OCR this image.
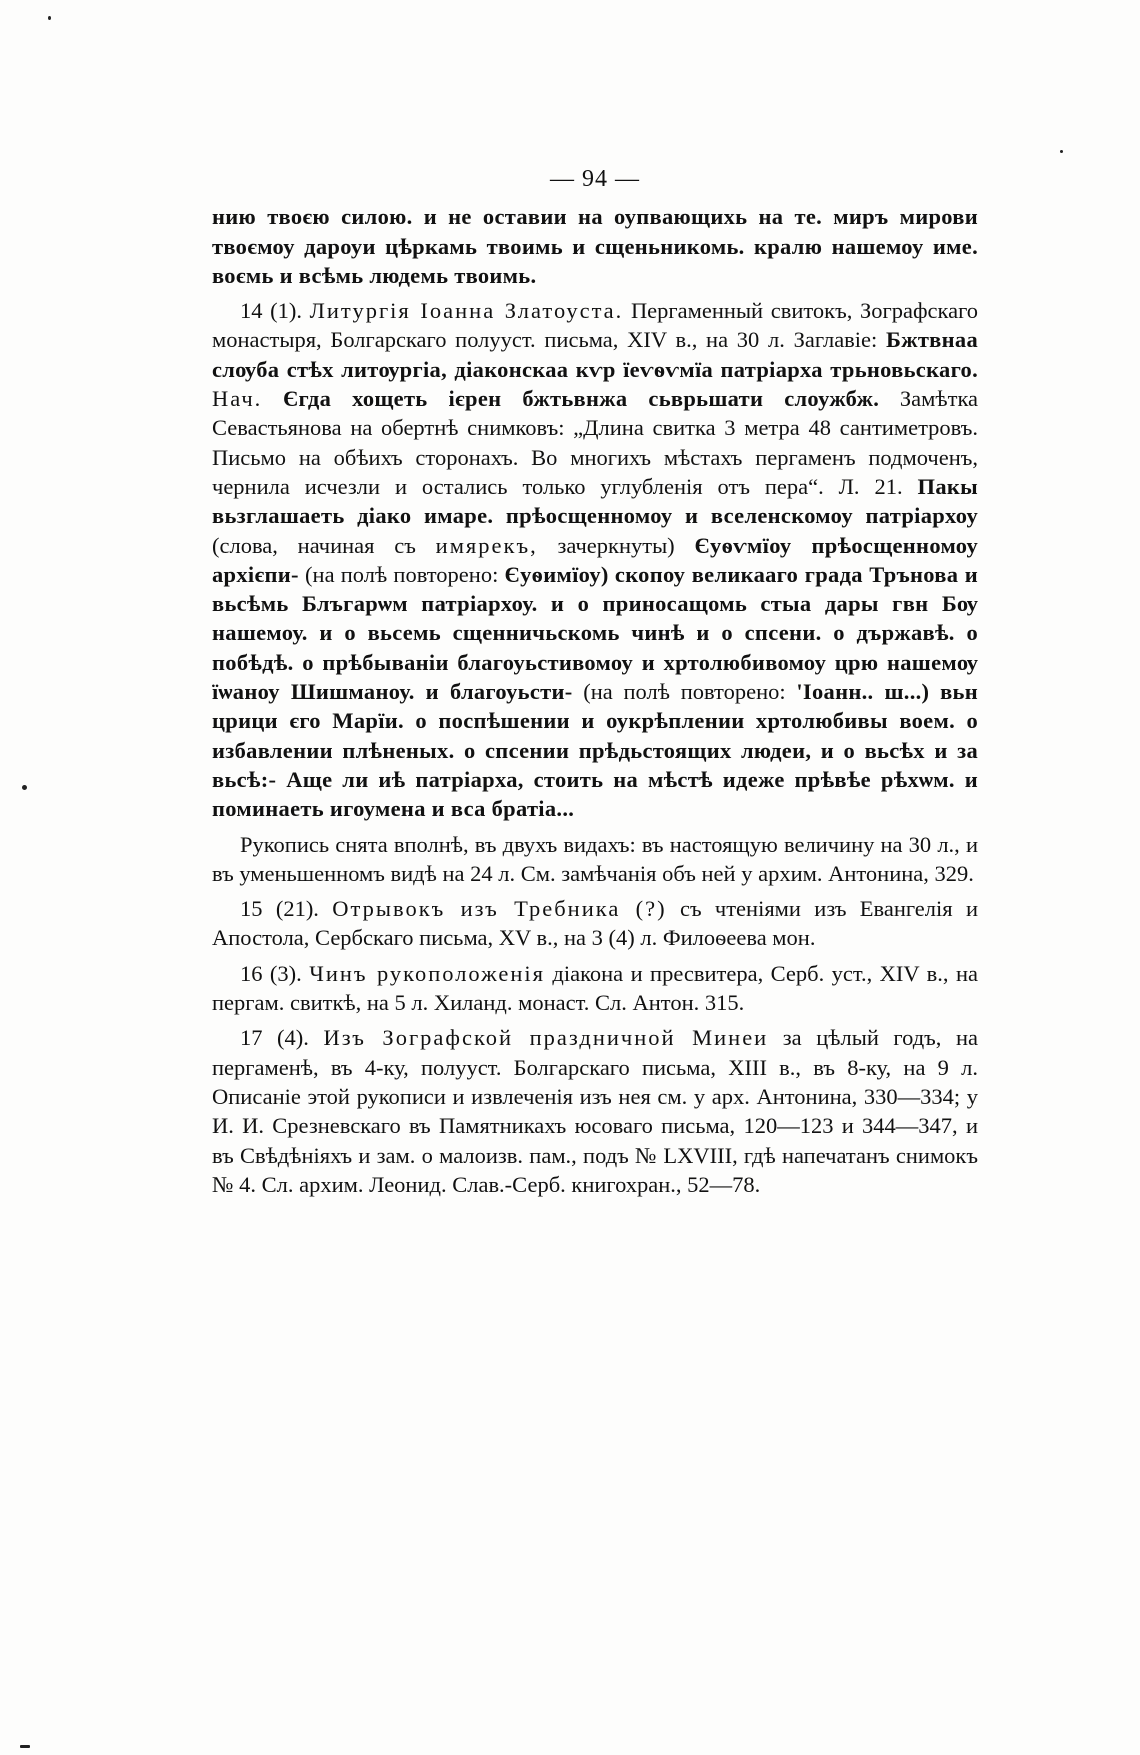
— 94 —

нию твоєю силою. и не оставии на оупвающихь на те. миръ мирови твоємоу дароуи цѣркамь твоимь и сщеньникомь. кралю нашемоу име. воємь и всѣмь людемь твоимь.

14 (1). Литургія Іоанна Златоуста. Пергаменный свитокъ, Зографскаго монастыря, Болгарскаго полууст. письма, XIV в., на 30 л. Заглавіе: Бжтвнаа слѹба стѣх литѹргіа, діаконскаа кѵр їеѵѳѵмїа патріарха трьновьскаго. Нач. Єгда хощеть ієрен бжтьвнжа сьврьшати слоужбж. Замѣтка Севастьянова на обертнѣ снимковъ: „Длина свитка 3 метра 48 сантиметровъ. Письмо на обѣихъ сторонахъ. Во многихъ мѣстахъ пергаменъ подмоченъ, чернила исчезли и остались только углубленія отъ пера“. Л. 21. Пакы вьзглашаеть діако имаре. прѣосщенномоу и вселенскомоу патріархоу (слова, начиная съ имярекъ, зачеркнуты) Єуѳѵмїоу прѣосщенномоу архієпи- (на полѣ повторено: Єуѳимїоу) скопоу великааго града Трънова и вьсѣмь Блъгарѡм патріархоу. и о приносащомь стыа дары гвн Бѹ нашемоу. и о вьсемь сщенничьскомь чинѣ и о спсени. о държавѣ. о побѣдѣ. о прѣбываніи благоуьстивомоу и хртолюбивомоу црю нашемѹ їѡаноу Шишманоу. и благоуьсти- (на полѣ повторено: 'Іоанн.. ш...) вьн црици єго Марїи. о поспѣшении и оукрѣплении хртолюбивы воем. о избавлении плѣненых. о спсении прѣдьстоящих людеи, и о вьсѣх и за вьсѣ:- Аще ли иѣ патріарха, стоить на мѣстѣ идеже прѣвѣе рѣхѡм. и поминаеть игоумена и вса братіа...

Рукопись снята вполнѣ, въ двухъ видахъ: въ настоящую величину на 30 л., и въ уменьшенномъ видѣ на 24 л. См. замѣчанія объ ней у архим. Антонина, 329.

15 (21). Отрывокъ изъ Требника (?) съ чтеніями изъ Евангелія и Апостола, Сербскаго письма, XV в., на 3 (4) л. Филоѳеева мон.

16 (3). Чинъ рукоположенія діакона и пресвитера, Серб. уст., XIV в., на пергам. свиткѣ, на 5 л. Хиланд. монаст. Сл. Антон. 315.

17 (4). Изъ Зографской праздничной Минеи за цѣлый годъ, на пергаменѣ, въ 4-ку, полууст. Болгарскаго письма, XIII в., въ 8-ку, на 9 л. Описаніе этой рукописи и извлеченія изъ нея см. у арх. Антонина, 330—334; у И. И. Срезневскаго въ Памятникахъ юсоваго письма, 120—123 и 344—347, и въ Свѣдѣніяхъ и зам. о малоизв. пам., подъ № LXVIII, гдѣ напечатанъ снимокъ № 4. Сл. архим. Леонид. Слав.-Серб. книгохран., 52—78.
